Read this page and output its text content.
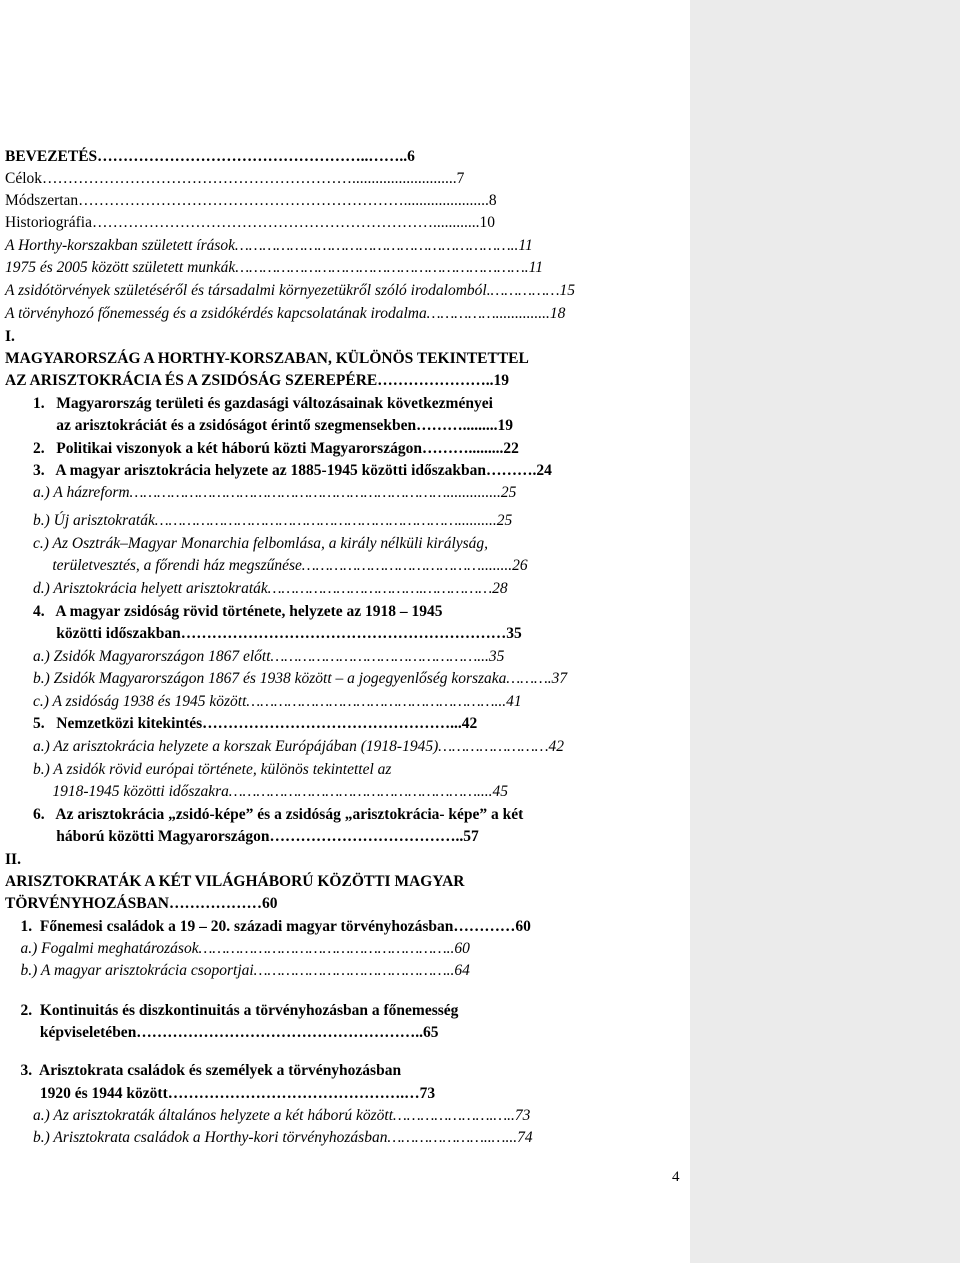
BEVEZETÉS……………………………………………..……..6
Célok……………………………………………………...........................7
Módszertan………………………………………………………......................8
Historiográfia…………………………………………………………............10
A Horthy-korszakban született írások……………………………………………………..11
1975 és 2005 között született munkák……………………………………………………….11
A zsidótörvények születéséről és társadalmi környezetükről szóló irodalomból.……………15
A törvényhozó főnemesség és a zsidókérdés kapcsolatának irodalma……………..............18
I.
MAGYARORSZÁG A HORTHY-KORSZABAN, KÜLÖNÖS TEKINTETTEL
AZ ARISZTOKRÁCIA ÉS A ZSIDÓSÁG SZEREPÉRE…………………..19
1.   Magyarország területi és gazdasági változásainak következményei
az arisztokráciát és a zsidóságot érintő szegmensekben……….........19
2.   Politikai viszonyok a két háború közti Magyarországon……….........22
3.   A magyar arisztokrácia helyzete az 1885-1945 közötti időszakban……….24
a.) A házreform……………………………………………………………..............25
b.) Új arisztokraták…………………………………………………………..........25
c.) Az Osztrák–Magyar Monarchia felbomlása, a király nélküli királyság,
területvesztés, a főrendi ház megszűnése…………………………………........26
d.) Arisztokrácia helyett arisztokraták…………………………….……………28
4.   A magyar zsidóság rövid története, helyzete az 1918 – 1945
közötti időszakban………………………………………………………35
a.) Zsidók Magyarországon 1867 előtt………………………………………...35
b.) Zsidók Magyarországon 1867 és 1938 között – a jogegyenlőség korszaka……….37
c.) A zsidóság 1938 és 1945 között………………………………………………...41
5.   Nemzetközi kitekintés…………………………………………...42
a.) Az arisztokrácia helyzete a korszak Európájában (1918-1945)……………………42
b.) A zsidók rövid európai története, különös tekintettel az
1918-1945 közötti időszakra………………………………………………....45
6.   Az arisztokrácia „zsidó-képe” és a zsidóság „arisztokrácia- képe” a két
háború közötti Magyarországon………………………………..57
II.
ARISZTOKRATÁK A KÉT VILÁGHÁBORÚ KÖZÖTTI MAGYAR
TÖRVÉNYHOZÁSBAN………………60
1.  Főnemesi családok a 19 – 20. századi magyar törvényhozásban…………60
a.) Fogalmi meghatározások………………………………………………..60
b.) A magyar arisztokrácia csoportjai……………………………………..64
2.  Kontinuitás és diszkontinuitás a törvényhozásban a főnemesség
képviseletében………………………………………………..65
3.  Arisztokrata családok és személyek a törvényhozásban
1920 és 1944 között……………………………………….…73
a.) Az arisztokraták általános helyzete a két háború között………………….…..73
b.) Arisztokrata családok a Horthy-kori törvényhozásban…………………..…...74
4
